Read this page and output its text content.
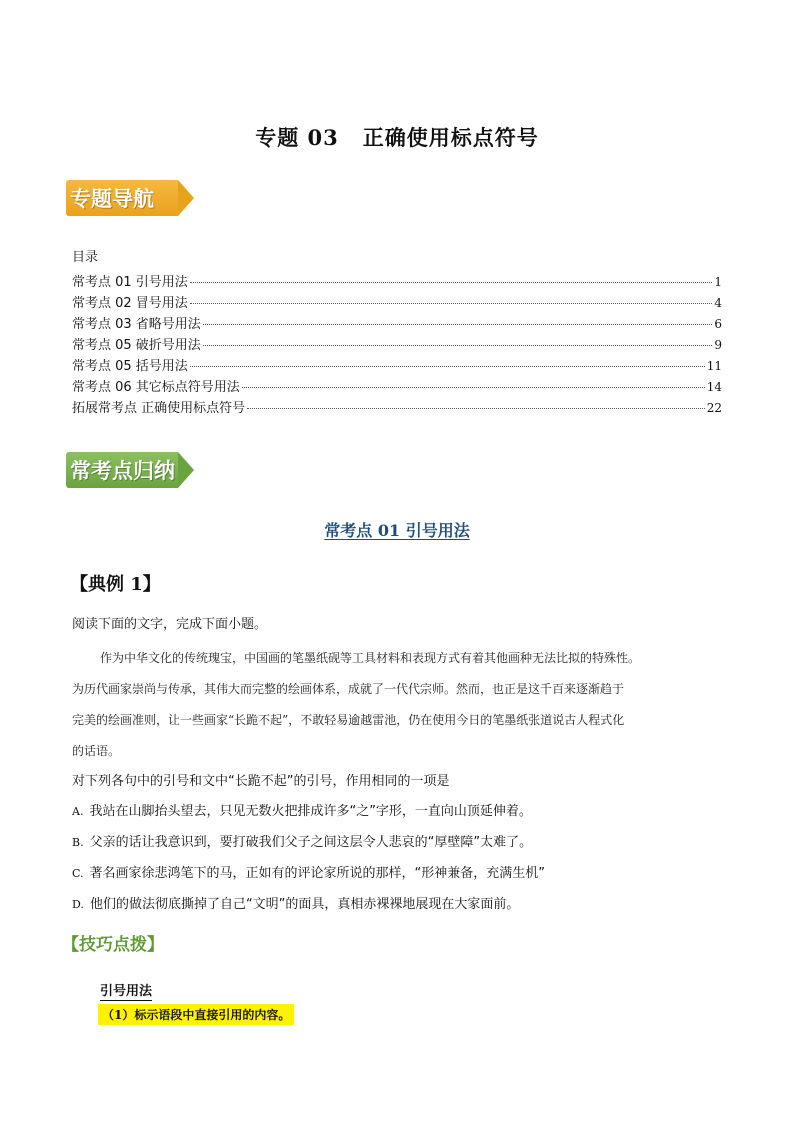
专题 03 正确使用标点符号
专题导航
目录
常考点 01 引号用法	1
常考点 02 冒号用法	4
常考点 03 省略号用法	6
常考点 05 破折号用法	9
常考点 05 括号用法	11
常考点 06 其它标点符号用法	14
拓展常考点 正确使用标点符号	22
常考点归纳
常考点 01 引号用法
【典例 1】
阅读下面的文字，完成下面小题。

作为中华文化的传统瑰宝，中国画的笔墨纸砚等工具材料和表现方式有着其他画种无法比拟的特殊性。

为历代画家崇尚与传承，其伟大而完整的绘画体系，成就了一代代宗师。然而，也正是这千百来逐渐趋于

完美的绘画准则，让一些画家“长跪不起”，不敢轻易逾越雷池，仍在使用今日的笔墨纸张道说古人程式化

的话语。

对下列各句中的引号和文中“长跪不起”的引号，作用相同的一项是
A. 我站在山脚抬头望去，只见无数火把排成许多“之”字形，一直向山顶延伸着。
B. 父亲的话让我意识到，要打破我们父子之间这层令人悲哀的“厚壁障”太难了。
C. 著名画家徐悲鸿笔下的马，正如有的评论家所说的那样，“形神兼备，充满生机”
D. 他们的做法彻底撕掉了自己“文明”的面具，真相赤裸裸地展现在大家面前。
【技巧点拨】
引号用法
（1）标示语段中直接引用的内容。
